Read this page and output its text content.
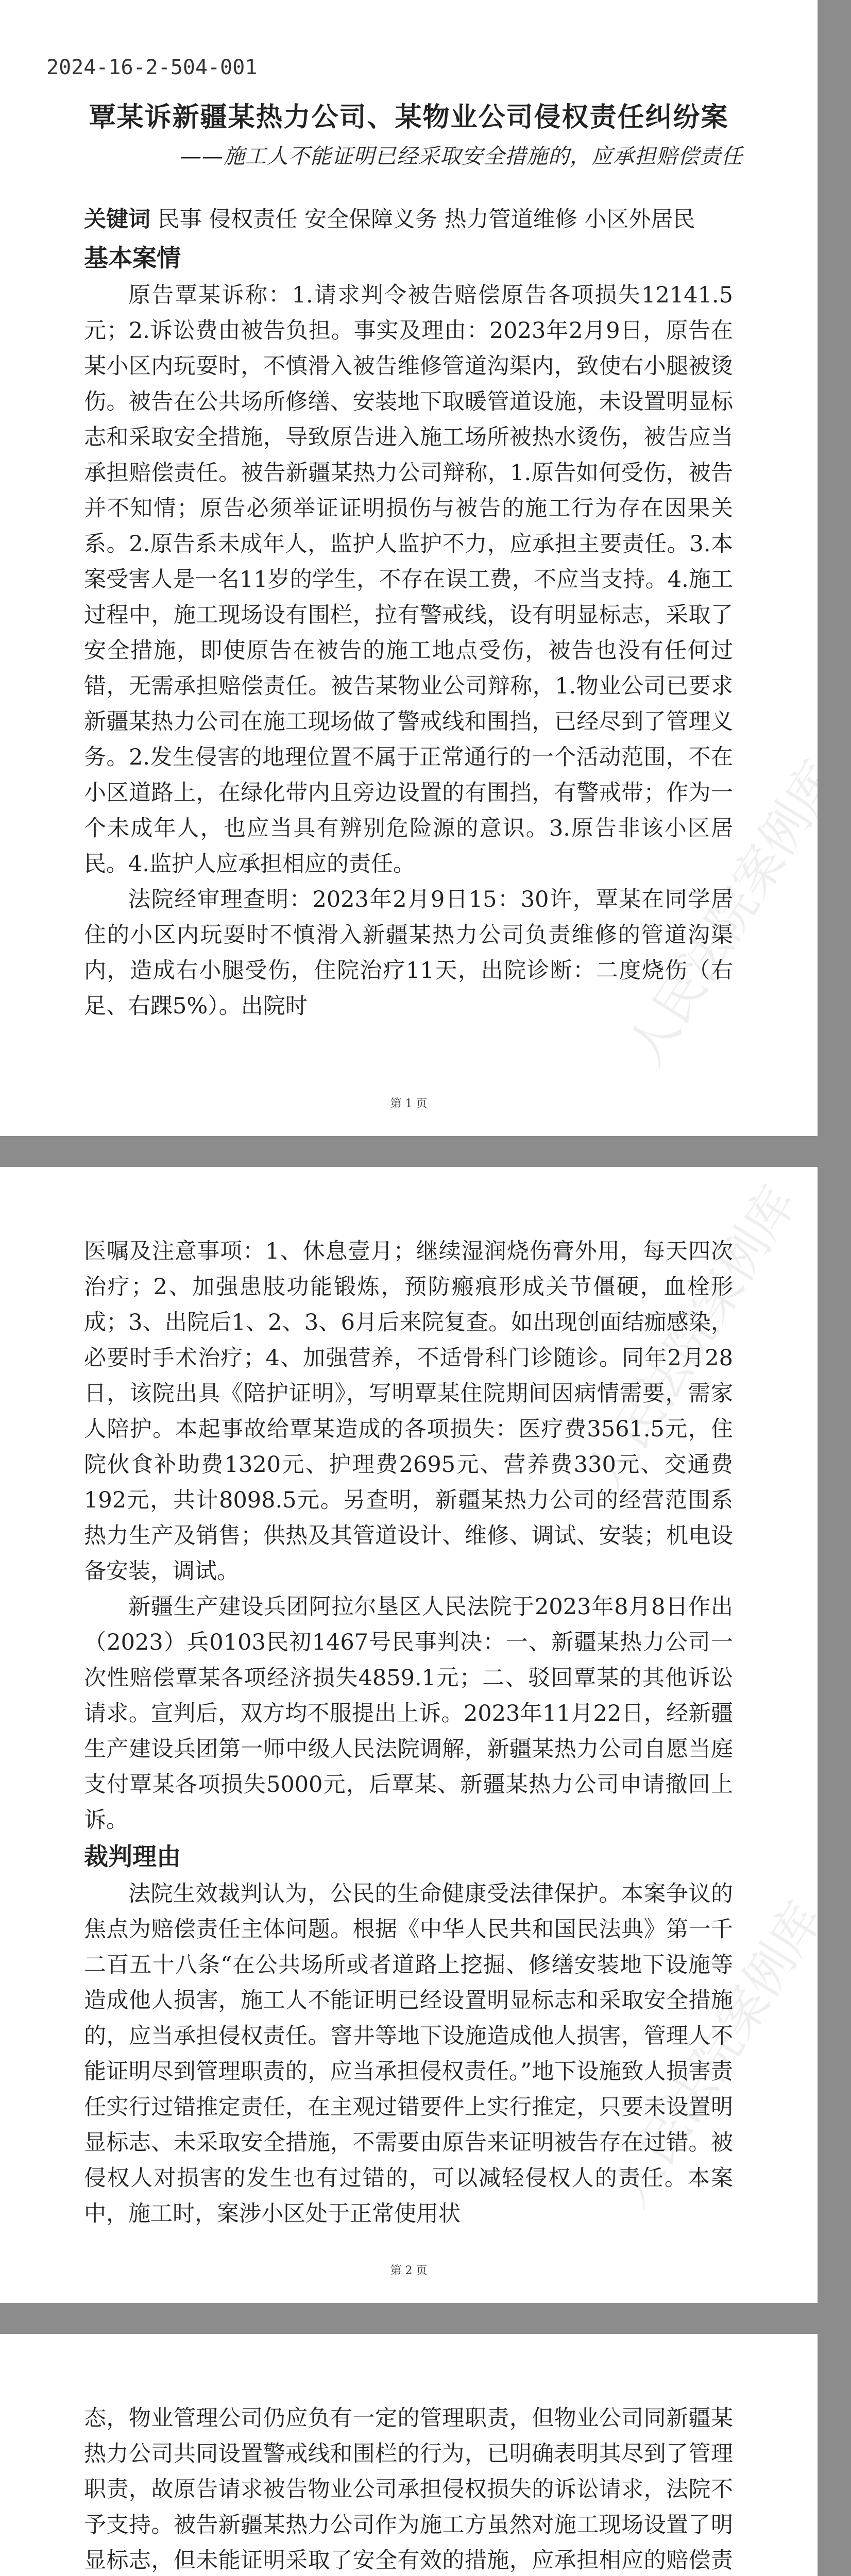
人民法院案例库
2024-16-2-504-001
覃某诉新疆某热力公司、某物业公司侵权责任纠纷案
——施工人不能证明已经采取安全措施的，应承担赔偿责任

关键词 民事 侵权责任 安全保障义务 热力管道维修 小区外居民

基本案情

原告覃某诉称：1.请求判令被告赔偿原告各项损失12141.5元；2.诉讼费由被告负担。事实及理由：2023年2月9日，原告在某小区内玩耍时，不慎滑入被告维修管道沟渠内，致使右小腿被烫伤。被告在公共场所修缮、安装地下取暖管道设施，未设置明显标志和采取安全措施，导致原告进入施工场所被热水烫伤，被告应当承担赔偿责任。被告新疆某热力公司辩称，1.原告如何受伤，被告并不知情；原告必须举证证明损伤与被告的施工行为存在因果关系。2.原告系未成年人，监护人监护不力，应承担主要责任。3.本案受害人是一名11岁的学生，不存在误工费，不应当支持。4.施工过程中，施工现场设有围栏，拉有警戒线，设有明显标志，采取了安全措施，即使原告在被告的施工地点受伤，被告也没有任何过错，无需承担赔偿责任。被告某物业公司辩称，1.物业公司已要求新疆某热力公司在施工现场做了警戒线和围挡，已经尽到了管理义务。2.发生侵害的地理位置不属于正常通行的一个活动范围，不在小区道路上，在绿化带内且旁边设置的有围挡，有警戒带；作为一个未成年人，也应当具有辨别危险源的意识。3.原告非该小区居民。4.监护人应承担相应的责任。

法院经审理查明：2023年2月9日15：30许，覃某在同学居住的小区内玩耍时不慎滑入新疆某热力公司负责维修的管道沟渠内，造成右小腿受伤，住院治疗11天，出院诊断：二度烧伤（右足、右踝5%）。出院时

第 1 页
人民法院案例库
人民法院案例库

医嘱及注意事项：1、休息壹月；继续湿润烧伤膏外用，每天四次治疗；2、加强患肢功能锻炼，预防瘢痕形成关节僵硬，血栓形成；3、出院后1、2、3、6月后来院复查。如出现创面结痂感染，必要时手术治疗；4、加强营养，不适骨科门诊随诊。同年2月28日，该院出具《陪护证明》，写明覃某住院期间因病情需要，需家人陪护。本起事故给覃某造成的各项损失：医疗费3561.5元，住院伙食补助费1320元、护理费2695元、营养费330元、交通费192元，共计8098.5元。另查明，新疆某热力公司的经营范围系热力生产及销售；供热及其管道设计、维修、调试、安装；机电设备安装，调试。

新疆生产建设兵团阿拉尔垦区人民法院于2023年8月8日作出（2023）兵0103民初1467号民事判决：一、新疆某热力公司一次性赔偿覃某各项经济损失4859.1元；二、驳回覃某的其他诉讼请求。宣判后，双方均不服提出上诉。2023年11月22日，经新疆生产建设兵团第一师中级人民法院调解，新疆某热力公司自愿当庭支付覃某各项损失5000元，后覃某、新疆某热力公司申请撤回上诉。

裁判理由

法院生效裁判认为，公民的生命健康受法律保护。本案争议的焦点为赔偿责任主体问题。根据《中华人民共和国民法典》第一千二百五十八条“在公共场所或者道路上挖掘、修缮安装地下设施等造成他人损害，施工人不能证明已经设置明显标志和采取安全措施的，应当承担侵权责任。窨井等地下设施造成他人损害，管理人不能证明尽到管理职责的，应当承担侵权责任。”地下设施致人损害责任实行过错推定责任，在主观过错要件上实行推定，只要未设置明显标志、未采取安全措施，不需要由原告来证明被告存在过错。被侵权人对损害的发生也有过错的，可以减轻侵权人的责任。本案中，施工时，案涉小区处于正常使用状

第 2 页

态，物业管理公司仍应负有一定的管理职责，但物业公司同新疆某热力公司共同设置警戒线和围栏的行为，已明确表明其尽到了管理职责，故原告请求被告物业公司承担侵权损失的诉讼请求，法院不予支持。被告新疆某热力公司作为施工方虽然对施工现场设置了明显标志，但未能证明采取了安全有效的措施，应承担相应的赔偿责
